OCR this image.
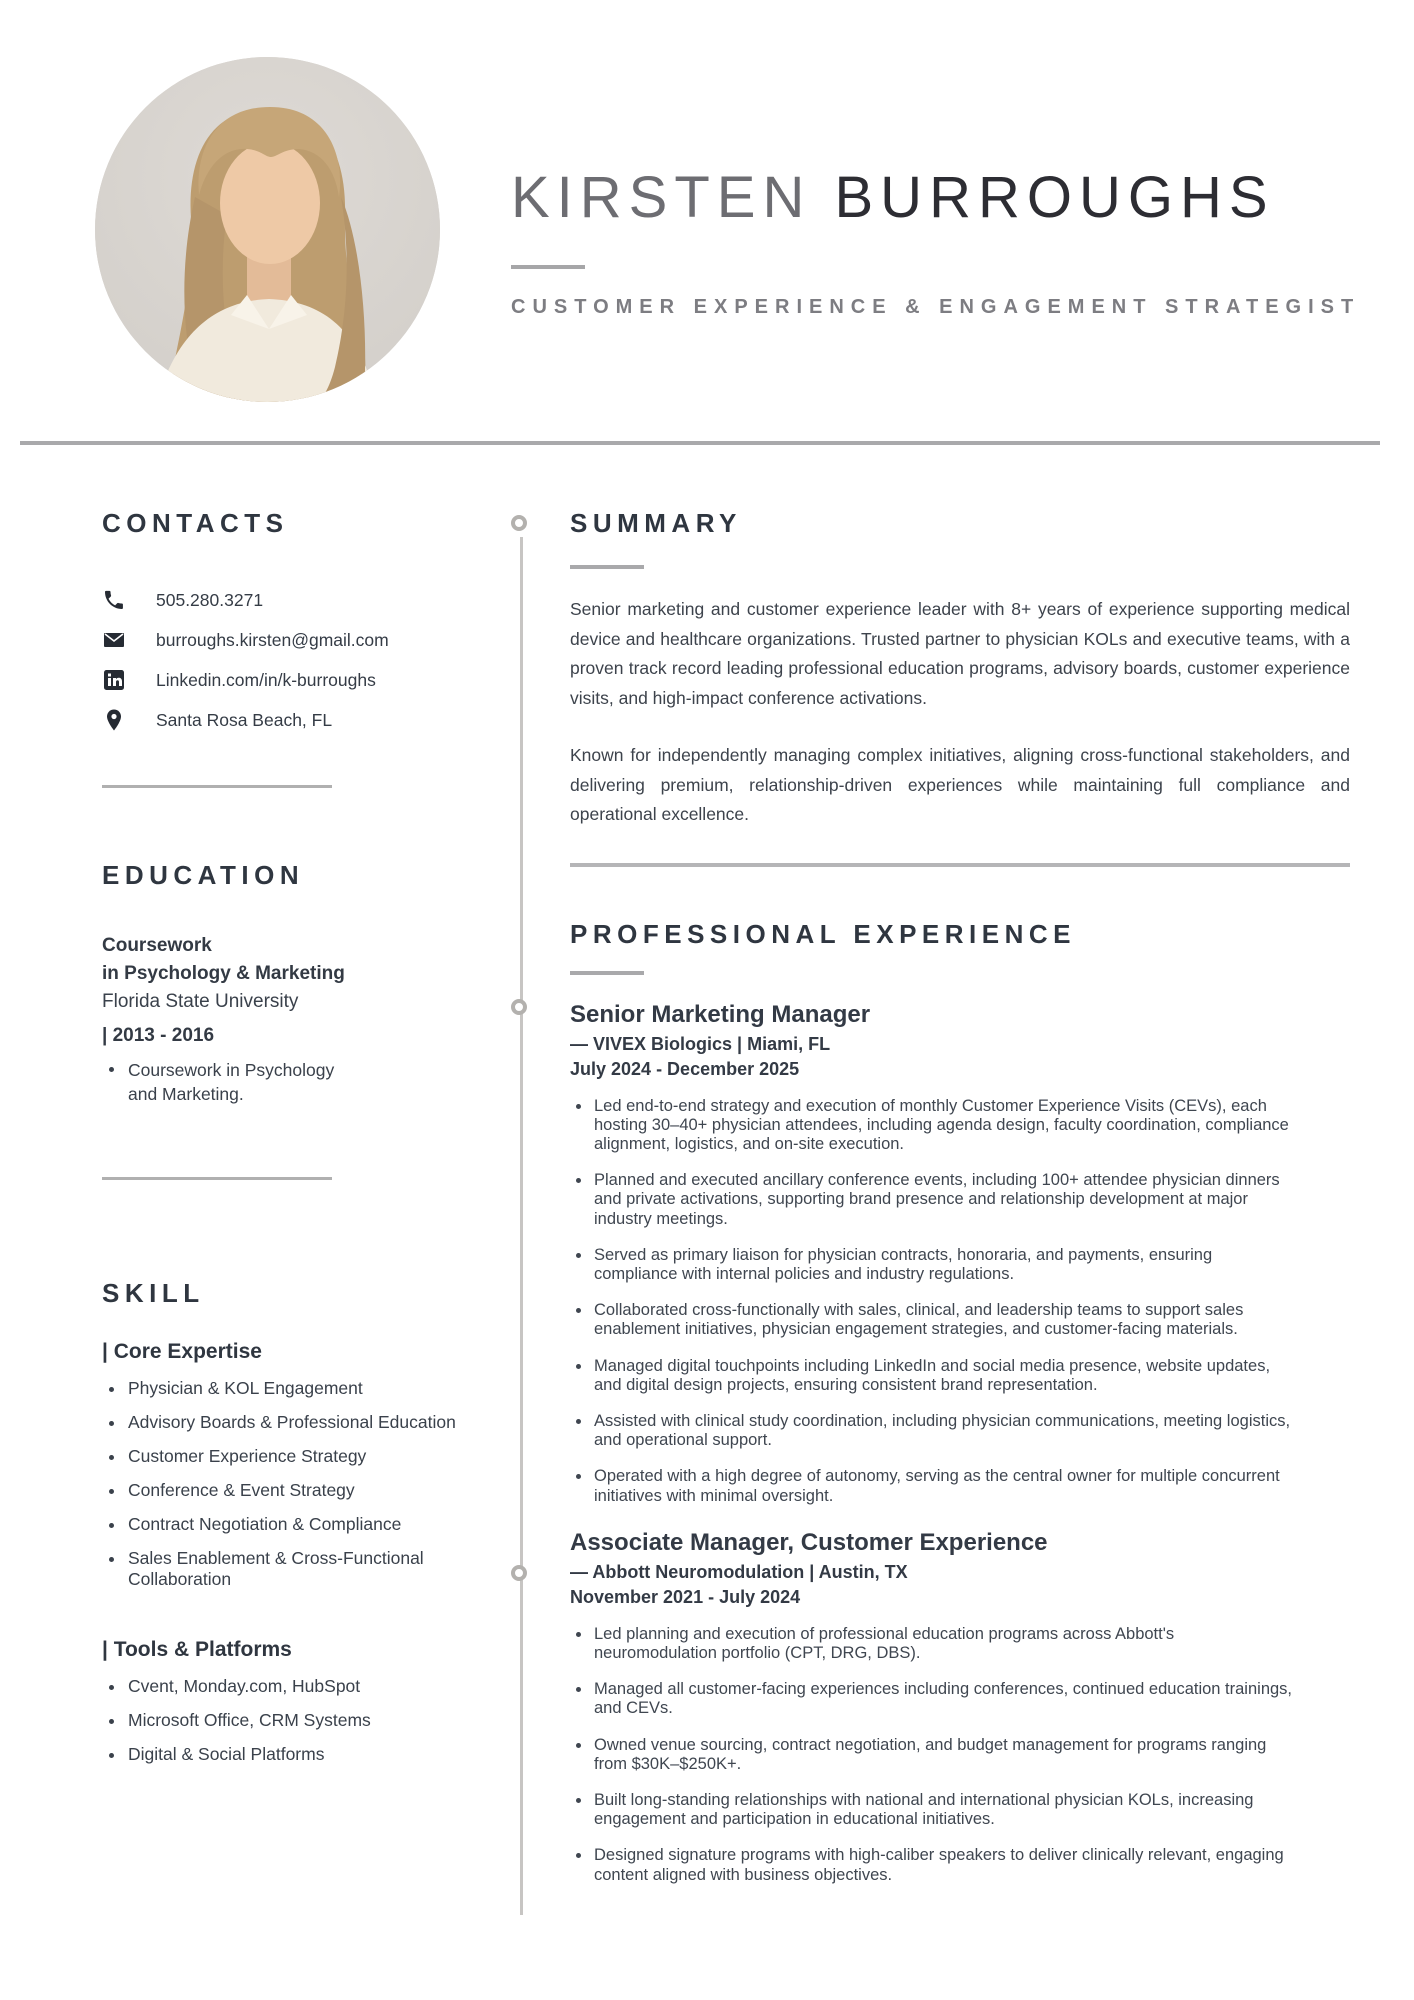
KIRSTEN BURROUGHS
CUSTOMER EXPERIENCE & ENGAGEMENT STRATEGIST
CONTACTS
505.280.3271
burroughs.kirsten@gmail.com
Linkedin.com/in/k-burroughs
Santa Rosa Beach, FL
EDUCATION
Coursework
in Psychology & Marketing
Florida State University
| 2013 - 2016
Coursework in Psychology and Marketing.
SKILL
| Core Expertise
Physician & KOL Engagement
Advisory Boards & Professional Education
Customer Experience Strategy
Conference & Event Strategy
Contract Negotiation & Compliance
Sales Enablement & Cross-Functional Collaboration
| Tools & Platforms
Cvent, Monday.com, HubSpot
Microsoft Office, CRM Systems
Digital & Social Platforms
SUMMARY

Senior marketing and customer experience leader with 8+ years of experience supporting medical device and healthcare organizations. Trusted partner to physician KOLs and executive teams, with a proven track record leading professional education programs, advisory boards, customer experience visits, and high-impact conference activations.

Known for independently managing complex initiatives, aligning cross-functional stakeholders, and delivering premium, relationship-driven experiences while maintaining full compliance and operational excellence.

PROFESSIONAL EXPERIENCE
Senior Marketing Manager
— VIVEX Biologics | Miami, FL
July 2024 - December 2025
Led end-to-end strategy and execution of monthly Customer Experience Visits (CEVs), each hosting 30–40+ physician attendees, including agenda design, faculty coordination, compliance alignment, logistics, and on-site execution.
Planned and executed ancillary conference events, including 100+ attendee physician dinners and private activations, supporting brand presence and relationship development at major industry meetings.
Served as primary liaison for physician contracts, honoraria, and payments, ensuring compliance with internal policies and industry regulations.
Collaborated cross-functionally with sales, clinical, and leadership teams to support sales enablement initiatives, physician engagement strategies, and customer-facing materials.
Managed digital touchpoints including LinkedIn and social media presence, website updates, and digital design projects, ensuring consistent brand representation.
Assisted with clinical study coordination, including physician communications, meeting logistics, and operational support.
Operated with a high degree of autonomy, serving as the central owner for multiple concurrent initiatives with minimal oversight.
Associate Manager, Customer Experience
— Abbott Neuromodulation | Austin, TX
November 2021 - July 2024
Led planning and execution of professional education programs across Abbott's neuromodulation portfolio (CPT, DRG, DBS).
Managed all customer-facing experiences including conferences, continued education trainings, and CEVs.
Owned venue sourcing, contract negotiation, and budget management for programs ranging from $30K–$250K+.
Built long-standing relationships with national and international physician KOLs, increasing engagement and participation in educational initiatives.
Designed signature programs with high-caliber speakers to deliver clinically relevant, engaging content aligned with business objectives.
